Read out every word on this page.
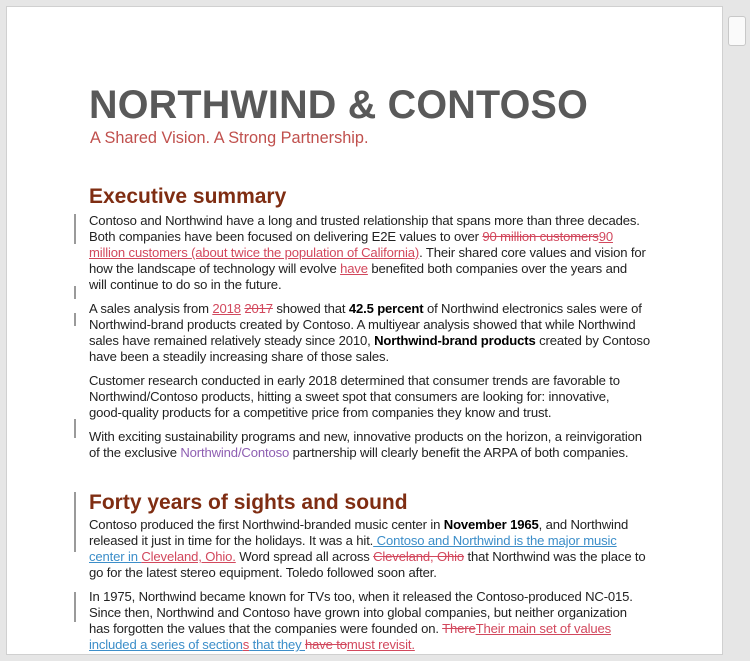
NORTHWIND & CONTOSO
A Shared Vision. A Strong Partnership.
Executive summary
Contoso and Northwind have a long and trusted relationship that spans more than three decades.
Both companies have been focused on delivering E2E values to over 90 million customers90
million customers (about twice the population of California). Their shared core values and vision for
how the landscape of technology will evolve have benefited both companies over the years and
will continue to do so in the future.
A sales analysis from 2018 2017 showed that 42.5 percent of Northwind electronics sales were of
Northwind-brand products created by Contoso. A multiyear analysis showed that while Northwind
sales have remained relatively steady since 2010, Northwind-brand products created by Contoso
have been a steadily increasing share of those sales.
Customer research conducted in early 2018 determined that consumer trends are favorable to
Northwind/Contoso products, hitting a sweet spot that consumers are looking for: innovative,
good-quality products for a competitive price from companies they know and trust.
With exciting sustainability programs and new, innovative products on the horizon, a reinvigoration
of the exclusive Northwind/Contoso partnership will clearly benefit the ARPA of both companies.
Forty years of sights and sound
Contoso produced the first Northwind-branded music center in November 1965, and Northwind
released it just in time for the holidays. It was a hit. Contoso and Northwind is the major music
center in Cleveland, Ohio. Word spread all across Cleveland, Ohio that Northwind was the place to
go for the latest stereo equipment. Toledo followed soon after.
In 1975, Northwind became known for TVs too, when it released the Contoso-produced NC-015.
Since then, Northwind and Contoso have grown into global companies, but neither organization
has forgotten the values that the companies were founded on. ThereTheir main set of values
included a series of sections that they have tomust revisit.
